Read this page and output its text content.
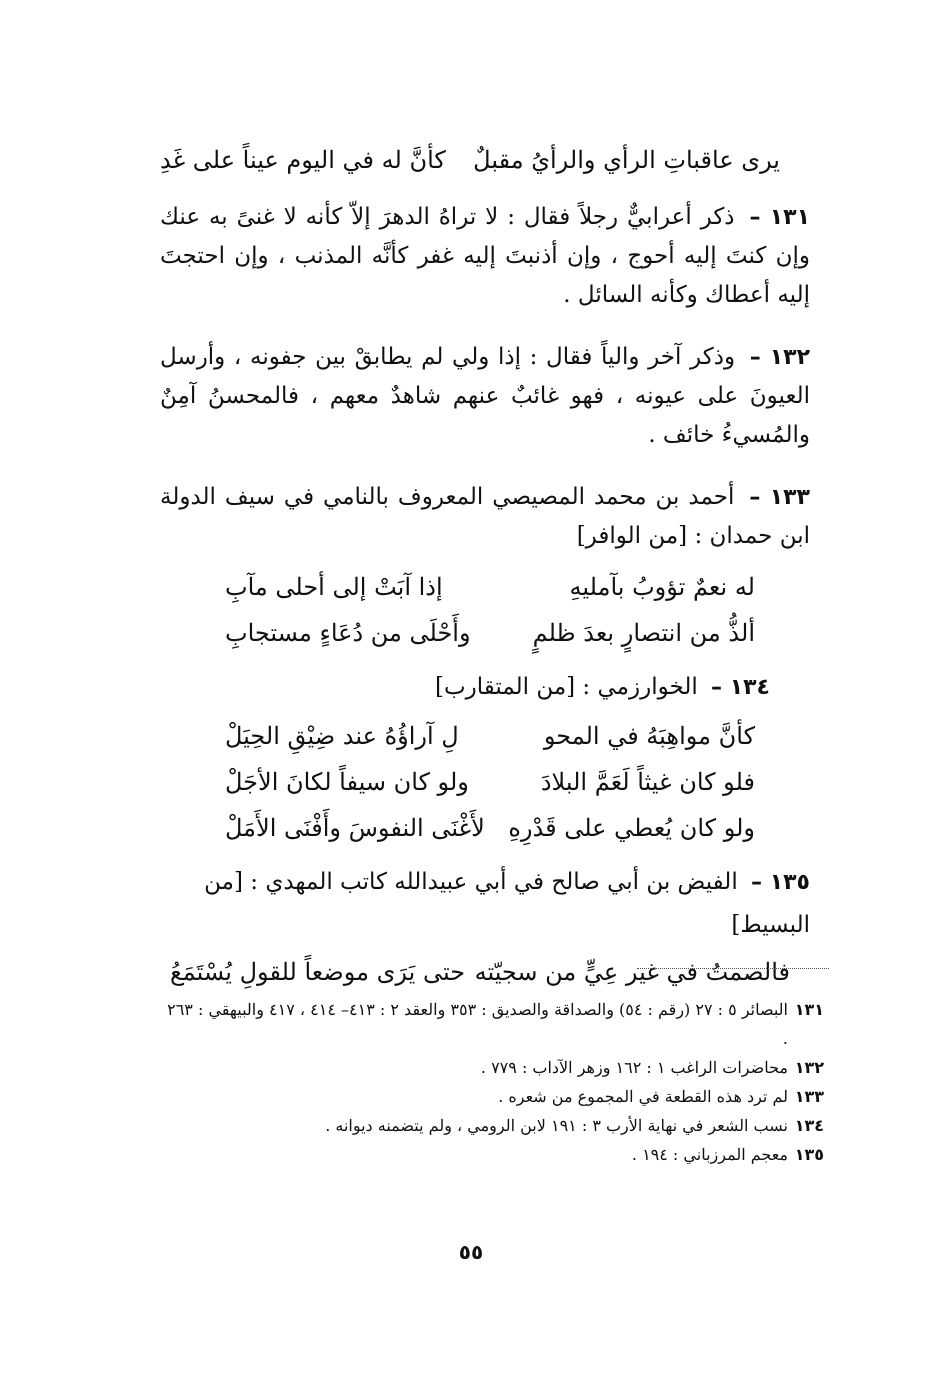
يرى عاقباتِ الرأي والرأيُ مقبلٌ
كأنَّ له في اليوم عيناً على غَدِ

١٣١ – ذكر أعرابيٌّ رجلاً فقال : لا تراهُ الدهرَ إلاّ كأنه لا غنىً به عنك وإن كنتَ إليه أحوج ، وإن أذنبتَ إليه غفر كأنَّه المذنب ، وإن احتجتَ إليه أعطاك وكأنه السائل .

١٣٢ – وذكر آخر والياً فقال : إذا ولي لم يطابقْ بين جفونه ، وأرسل العيونَ على عيونه ، فهو غائبٌ عنهم شاهدٌ معهم ، فالمحسنُ آمِنٌ والمُسيءُ خائف .

١٣٣ – أحمد بن محمد المصيصي المعروف بالنامي في سيف الدولة ابن حمدان : [من الوافر]

له نعمٌ تؤوبُ بآمليهِ
إذا آبَتْ إلى أحلى مآبِ
ألذُّ من انتصارٍ بعدَ ظلمٍ
وأَحْلَى من دُعَاءٍ مستجابِ
١٣٤ – الخوارزمي : [من المتقارب]
كأنَّ مواهِبَهُ في المحو
لِ آراؤُهُ عند ضِيْقِ الحِيَلْ
فلو كان غيثاً لَعَمَّ البلادَ
ولو كان سيفاً لكانَ الأجَلْ
ولو كان يُعطي على قَدْرِهِ
لأَغْنَى النفوسَ وأَفْنَى الأَمَلْ
١٣٥ – الفيض بن أبي صالح في أبي عبيدالله كاتب المهدي : [من البسيط]
فالصمتُ في غير عِيٍّ من سجيّته
حتى يَرَى موضعاً للقولِ يُسْتَمَعُ
١٣١
البصائر ٥ : ٢٧ (رقم : ٥٤) والصداقة والصديق : ٣٥٣ والعقد ٢ : ٤١٣– ٤١٤ ، ٤١٧ والبيهقي : ٢٦٣ .
١٣٢
محاضرات الراغب ١ : ١٦٢ وزهر الآداب : ٧٧٩ .
١٣٣
لم ترد هذه القطعة في المجموع من شعره .
١٣٤
نسب الشعر في نهاية الأرب ٣ : ١٩١ لابن الرومي ، ولم يتضمنه ديوانه .
١٣٥
معجم المرزباني : ١٩٤ .
٥٥
